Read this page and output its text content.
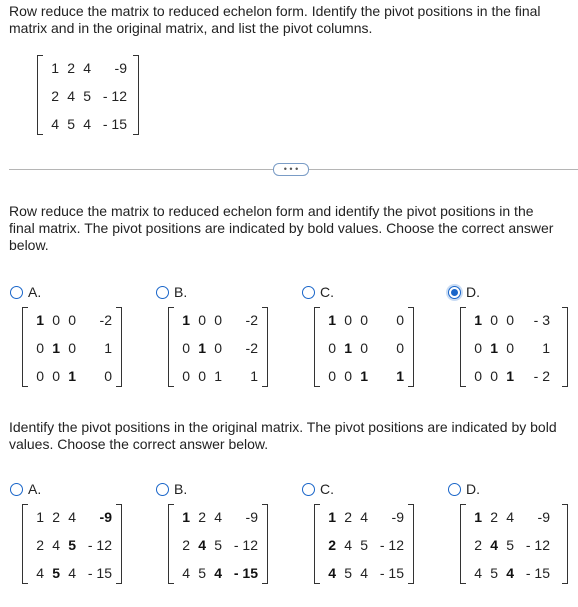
Row reduce the matrix to reduced echelon form. Identify the pivot positions in the final
matrix and in the original matrix, and list the pivot columns.

1 2 4 -9
2 4 5 - 12
4 5 4 - 15
• • •

Row reduce the matrix to reduced echelon form and identify the pivot positions in the
final matrix. The pivot positions are indicated by bold values. Choose the correct answer
below.

A.
1 0 0 -2
0 1 0 1
0 0 1 0
B.
1 0 0 -2
0 1 0 -2
0 0 1 1
C.
1 0 0 0
0 1 0 0
0 0 1 1
D.
1 0 0 - 3
0 1 0 1
0 0 1 - 2

Identify the pivot positions in the original matrix. The pivot positions are indicated by bold
values. Choose the correct answer below.

A.
1 2 4 -9
2 4 5 - 12
4 5 4 - 15
B.
1 2 4 -9
2 4 5 - 12
4 5 4 - 15
C.
1 2 4 -9
2 4 5 - 12
4 5 4 - 15
D.
1 2 4 -9
2 4 5 - 12
4 5 4 - 15
